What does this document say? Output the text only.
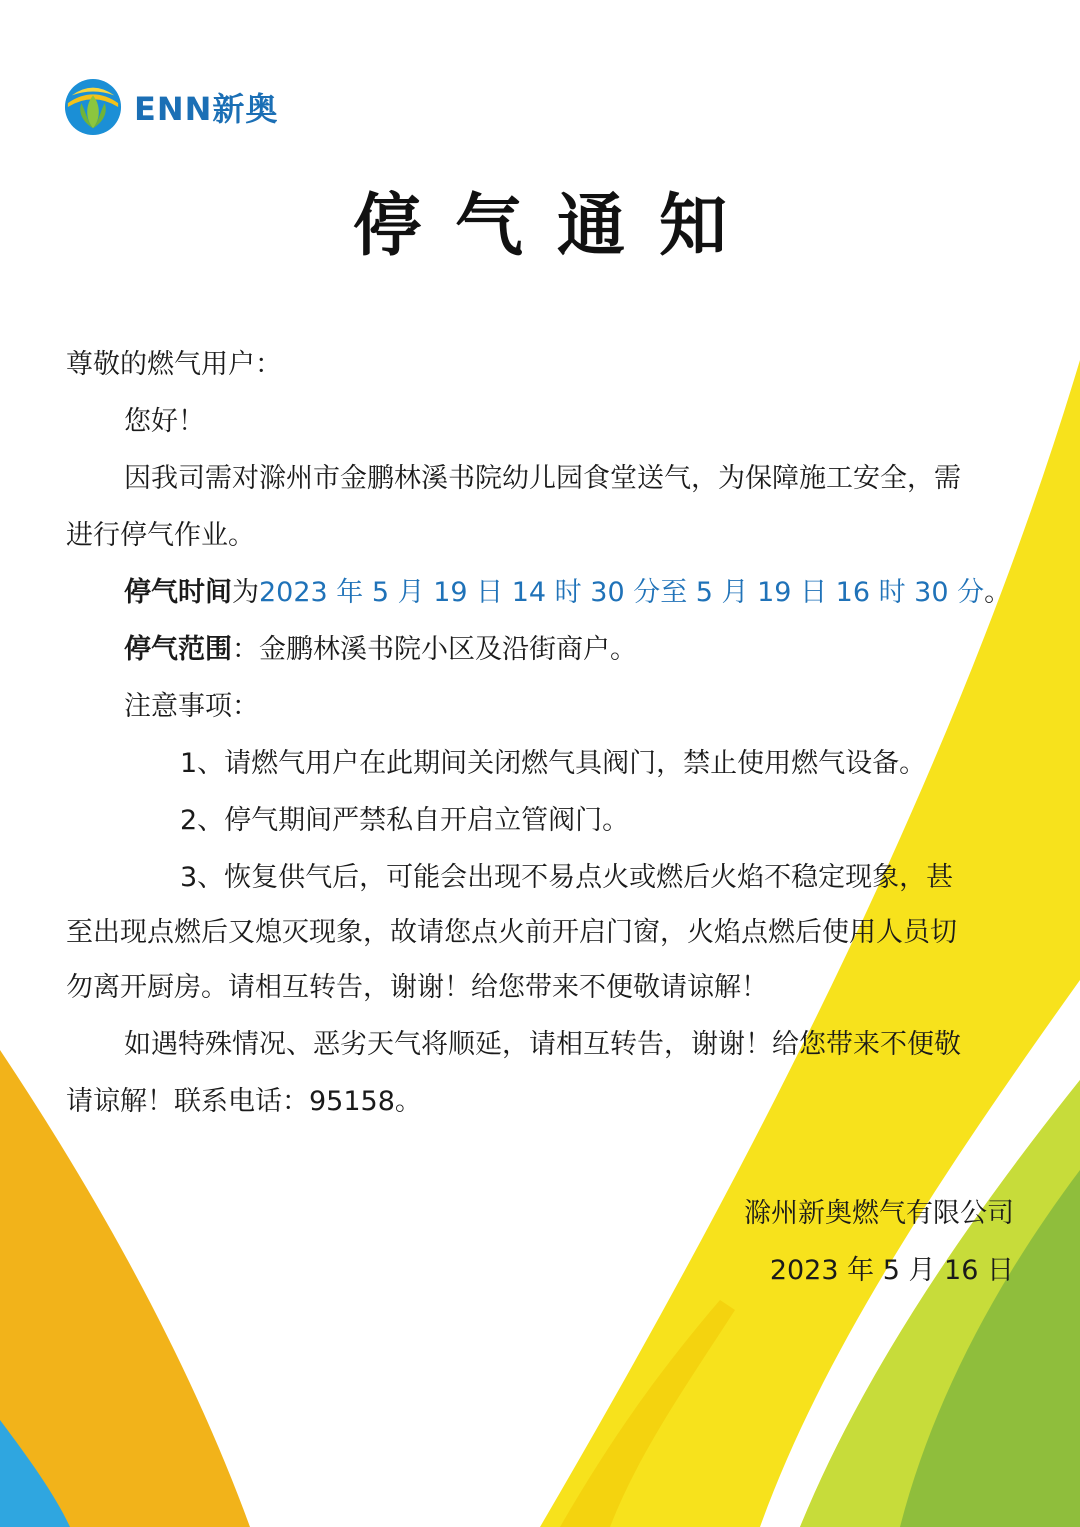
ENN新奥
停气通知
尊敬的燃气用户：
您好！
因我司需对滁州市金鹏林溪书院幼儿园食堂送气，为保障施工安全，需
进行停气作业。
停气时间为2023 年 5 月 19 日 14 时 30 分至 5 月 19 日 16 时 30 分。
停气范围：金鹏林溪书院小区及沿街商户。
注意事项：
1、请燃气用户在此期间关闭燃气具阀门，禁止使用燃气设备。
2、停气期间严禁私自开启立管阀门。
3、恢复供气后，可能会出现不易点火或燃后火焰不稳定现象，甚
至出现点燃后又熄灭现象，故请您点火前开启门窗，火焰点燃后使用人员切
勿离开厨房。请相互转告，谢谢！给您带来不便敬请谅解！
如遇特殊情况、恶劣天气将顺延，请相互转告，谢谢！给您带来不便敬
请谅解！联系电话：95158。
滁州新奥燃气有限公司
2023 年 5 月 16 日
